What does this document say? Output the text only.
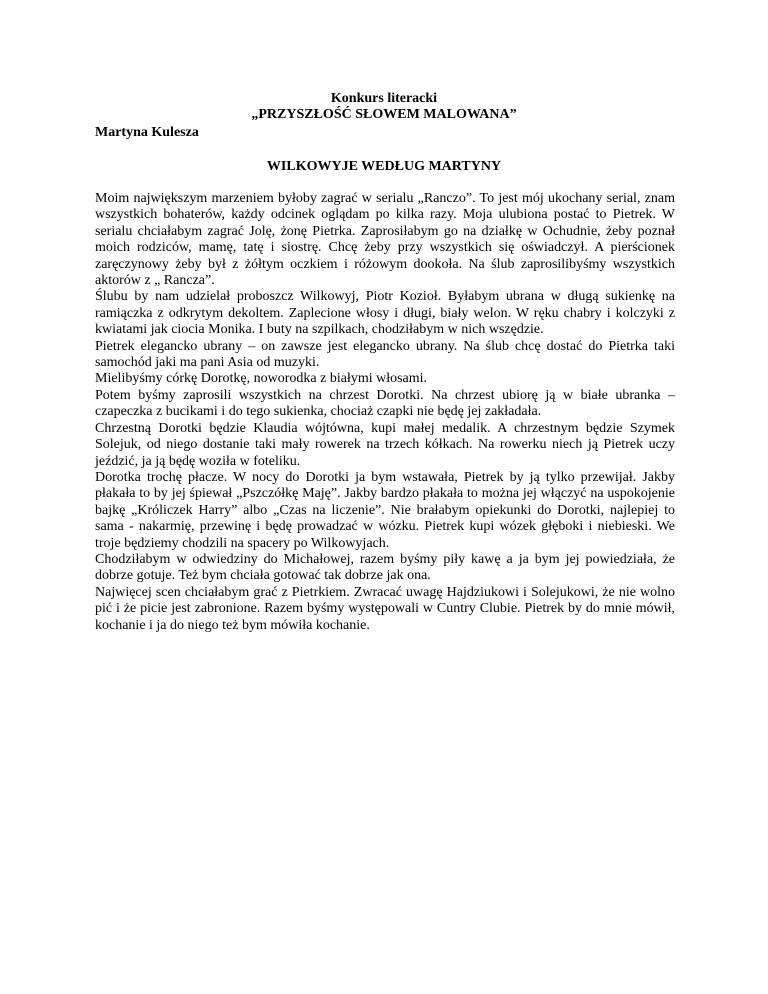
Konkurs literacki
„PRZYSZŁOŚĆ SŁOWEM MALOWANA”
Martyna Kulesza
WILKOWYJE WEDŁUG MARTYNY

Moim największym marzeniem byłoby zagrać w serialu „Ranczo”. To jest mój ukochany serial, znam wszystkich bohaterów, każdy odcinek oglądam po kilka razy. Moja ulubiona postać to Pietrek. W serialu chciałabym zagrać Jolę, żonę Pietrka. Zaprosiłabym go na działkę w Ochudnie, żeby poznał moich rodziców, mamę, tatę i siostrę. Chcę żeby przy wszystkich się oświadczył. A pierścionek zaręczynowy żeby był z żółtym oczkiem i różowym dookoła. Na ślub zaprosilibyśmy wszystkich aktorów z „ Rancza”.

Ślubu by nam udzielał proboszcz Wilkowyj, Piotr Kozioł. Byłabym ubrana w długą sukienkę na ramiączka z odkrytym dekoltem. Zaplecione włosy i długi, biały welon. W ręku chabry i kolczyki z kwiatami jak ciocia Monika. I buty na szpilkach, chodziłabym w nich wszędzie.

Pietrek elegancko ubrany – on zawsze jest elegancko ubrany. Na ślub chcę dostać do Pietrka taki samochód jaki ma pani Asia od muzyki.

Mielibyśmy córkę Dorotkę, noworodka z białymi włosami.

Potem byśmy zaprosili wszystkich na chrzest Dorotki. Na chrzest ubiorę ją w białe ubranka – czapeczka z bucikami i do tego sukienka, chociaż czapki nie będę jej zakładała.

Chrzestną Dorotki będzie Klaudia wójtówna, kupi małej medalik. A chrzestnym będzie Szymek Solejuk, od niego dostanie taki mały rowerek na trzech kółkach. Na rowerku niech ją Pietrek uczy jeździć, ja ją będę woziła w foteliku.

Dorotka trochę płacze. W nocy do Dorotki ja bym wstawała, Pietrek by ją tylko przewijał. Jakby płakała to by jej śpiewał „Pszczółkę Maję”. Jakby bardzo płakała to można jej włączyć na uspokojenie bajkę „Króliczek Harry” albo „Czas na liczenie”. Nie brałabym opiekunki do Dorotki, najlepiej to sama - nakarmię, przewinę i będę prowadzać w wózku. Pietrek kupi wózek głęboki i niebieski. We troje będziemy chodzili na spacery po Wilkowyjach.

Chodziłabym w odwiedziny do Michałowej, razem byśmy piły kawę a ja bym jej powiedziała, że dobrze gotuje. Też bym chciała gotować tak dobrze jak ona.

Najwięcej scen chciałabym grać z Pietrkiem. Zwracać uwagę Hajdziukowi i Solejukowi, że nie wolno pić i że picie jest zabronione. Razem byśmy występowali w Cuntry Clubie. Pietrek by do mnie mówił, kochanie i ja do niego też bym mówiła kochanie.
